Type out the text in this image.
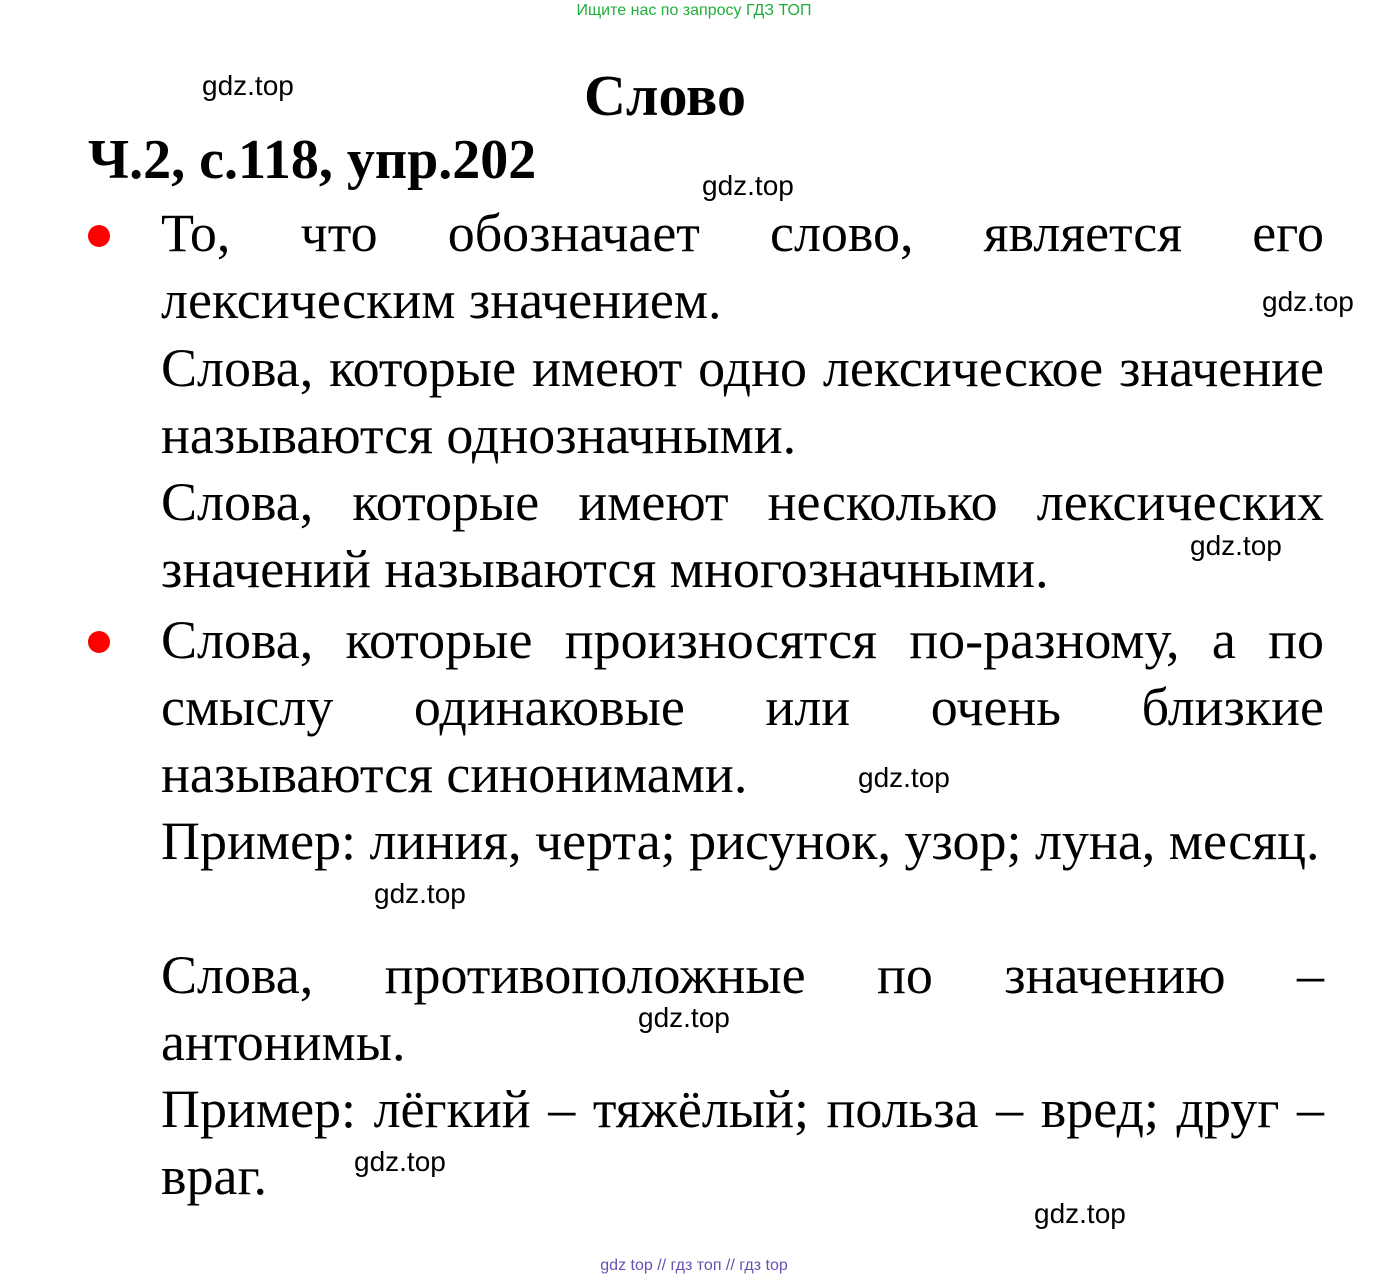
Ищите нас по запросу ГДЗ ТОП
Слово
Ч.2, с.118, упр.202

То, что обозначает слово, является его лексическим значением.

Слова, которые имеют одно лексическое значение называются однозначными.

Слова, которые имеют несколько лексических значений называются многозначными.

Слова, которые произносятся по-разному, а по смыслу одинаковые или очень близкие называются синонимами.

Пример: линия, черта; рисунок, узор; луна, месяц.

Слова, противоположные по значению – антонимы.

Пример: лёгкий – тяжёлый; польза – вред; друг – враг.

gdz.top
gdz.top
gdz.top
gdz.top
gdz.top
gdz.top
gdz.top
gdz.top
gdz.top
gdz top // гдз топ // гдз top
